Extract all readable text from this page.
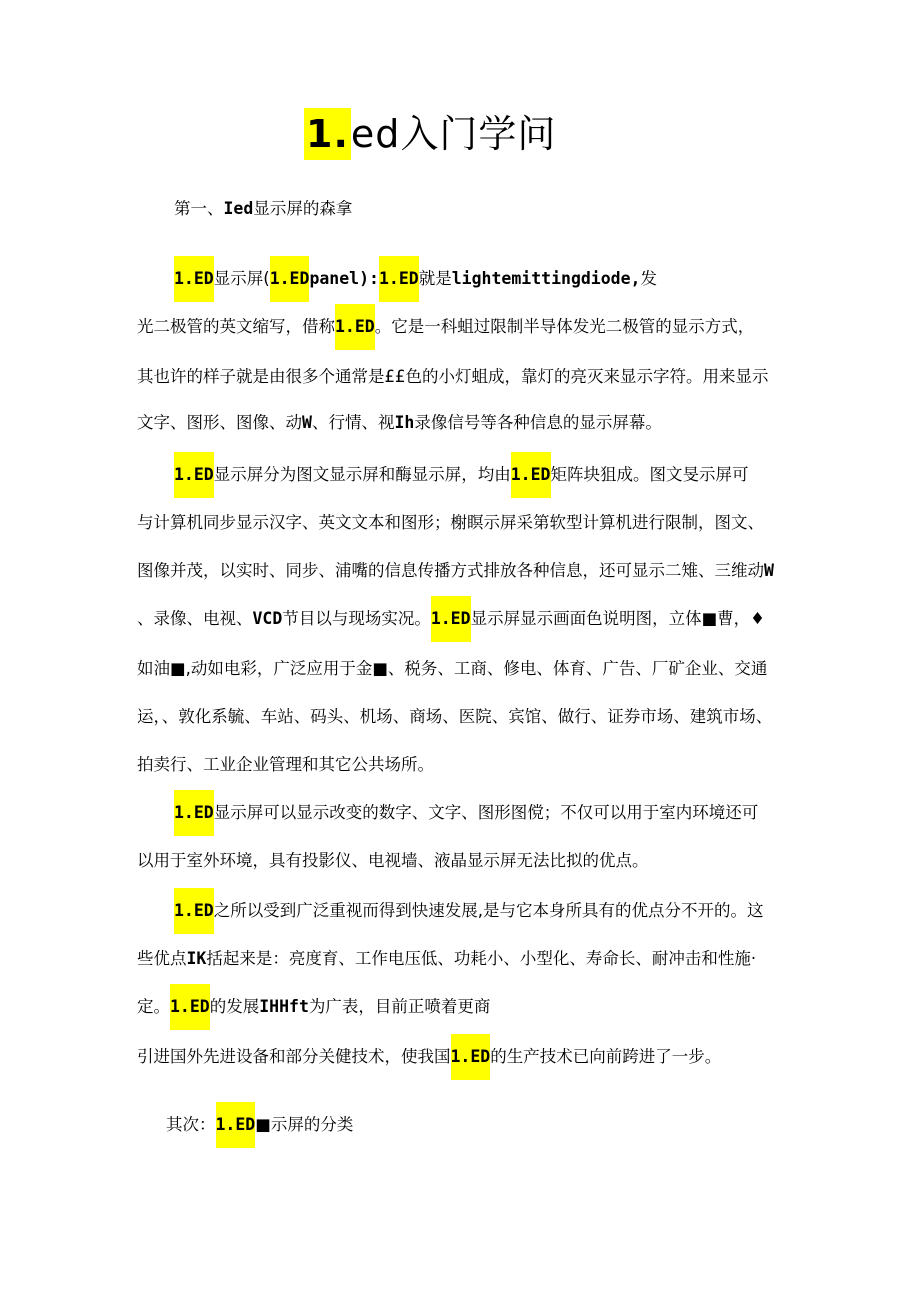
1.ed入门学问
第一、Ied显示屏的森拿
1.ED显示屏(1.EDpanel):1.ED就是lightemittingdiode,发
光二极管的英文缩写，借称1.ED。它是一科蛆过限制半导体发光二极管的显示方式，
其也许的样子就是由很多个通常是££色的小灯蛆成，靠灯的亮灭来显示字符。用来显示
文字、图形、图像、动W、行情、视Ih录像信号等各种信息的显示屏幕。
1.ED显示屏分为图文显示屏和酶显示屏，均由1.ED矩阵块狙成。图文旻示屏可
与计算机同步显示汉字、英文文本和图形；榭瞑示屏采第软型计算机进行限制，图文、
图像并茂，以实时、同步、浦嘴的信息传播方式排放各种信息，还可显示二雉、三维动W
、录像、电视、VCD节目以与现场实况。1.ED显示屏显示画面色说明图，立体■曹，♦
如油■,动如电彩，广泛应用于金■、税务、工商、修电、体育、广告、厂矿企业、交通
运，、敦化系毓、车站、码头、机场、商场、医院、宾馆、做行、证券市场、建筑市场、
拍卖行、工业企业管理和其它公共场所。
1.ED显示屏可以显示改变的数字、文字、图形图傥；不仅可以用于室内环境还可
以用于室外环境，具有投影仪、电视墙、液晶显示屏无法比拟的优点。
1.ED之所以受到广泛重视而得到快速发展,是与它本身所具有的优点分不开的。这
些优点IK括起来是：亮度育、工作电压低、功耗小、小型化、寿命长、耐冲击和性施·
定。1.ED的发展IHHft为广表，目前正喷着更商
引进国外先进设备和部分关健技术，使我国1.ED的生产技术已向前跨进了一步。
其次：1.ED■示屏的分类
